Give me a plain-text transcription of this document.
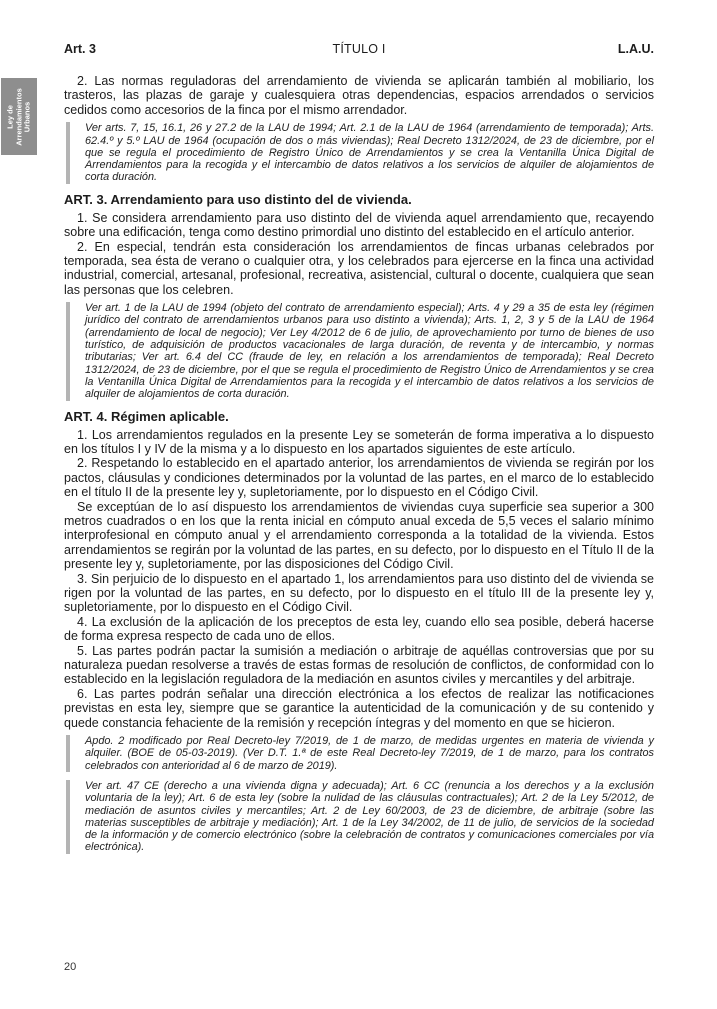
Art. 3	TÍTULO I	L.A.U.
Ley de Arrendamientos Urbanos

2. Las normas reguladoras del arrendamiento de vivienda se aplicarán también al mobiliario, los trasteros, las plazas de garaje y cualesquiera otras dependencias, espacios arrendados o servicios cedidos como accesorios de la finca por el mismo arrendador.

Ver arts. 7, 15, 16.1, 26 y 27.2 de la LAU de 1994; Art. 2.1 de la LAU de 1964 (arrendamiento de temporada); Arts. 62.4.º y 5.º LAU de 1964 (ocupación de dos o más viviendas); Real Decreto 1312/2024, de 23 de diciembre, por el que se regula el procedimiento de Registro Único de Arrendamientos y se crea la Ventanilla Única Digital de Arrendamientos para la recogida y el intercambio de datos relativos a los servicios de alquiler de alojamientos de corta duración.
ART. 3. Arrendamiento para uso distinto del de vivienda.

1. Se considera arrendamiento para uso distinto del de vivienda aquel arrendamiento que, recayendo sobre una edificación, tenga como destino primordial uno distinto del establecido en el artículo anterior.

2. En especial, tendrán esta consideración los arrendamientos de fincas urbanas celebrados por temporada, sea ésta de verano o cualquier otra, y los celebrados para ejercerse en la finca una actividad industrial, comercial, artesanal, profesional, recreativa, asistencial, cultural o docente, cualquiera que sean las personas que los celebren.

Ver art. 1 de la LAU de 1994 (objeto del contrato de arrendamiento especial); Arts. 4 y 29 a 35 de esta ley (régimen jurídico del contrato de arrendamientos urbanos para uso distinto a vivienda); Arts. 1, 2, 3 y 5 de la LAU de 1964 (arrendamiento de local de negocio); Ver Ley 4/2012 de 6 de julio, de aprovechamiento por turno de bienes de uso turístico, de adquisición de productos vacacionales de larga duración, de reventa y de intercambio, y normas tributarias; Ver art. 6.4 del CC (fraude de ley, en relación a los arrendamientos de temporada); Real Decreto 1312/2024, de 23 de diciembre, por el que se regula el procedimiento de Registro Único de Arrendamientos y se crea la Ventanilla Única Digital de Arrendamientos para la recogida y el intercambio de datos relativos a los servicios de alquiler de alojamientos de corta duración.
ART. 4. Régimen aplicable.

1. Los arrendamientos regulados en la presente Ley se someterán de forma imperativa a lo dispuesto en los títulos I y IV de la misma y a lo dispuesto en los apartados siguientes de este artículo.

2. Respetando lo establecido en el apartado anterior, los arrendamientos de vivienda se regirán por los pactos, cláusulas y condiciones determinados por la voluntad de las partes, en el marco de lo establecido en el título II de la presente ley y, supletoriamente, por lo dispuesto en el Código Civil.

Se exceptúan de lo así dispuesto los arrendamientos de viviendas cuya superficie sea superior a 300 metros cuadrados o en los que la renta inicial en cómputo anual exceda de 5,5 veces el salario mínimo interprofesional en cómputo anual y el arrendamiento corresponda a la totalidad de la vivienda. Estos arrendamientos se regirán por la voluntad de las partes, en su defecto, por lo dispuesto en el Título II de la presente ley y, supletoriamente, por las disposiciones del Código Civil.

3. Sin perjuicio de lo dispuesto en el apartado 1, los arrendamientos para uso distinto del de vivienda se rigen por la voluntad de las partes, en su defecto, por lo dispuesto en el título III de la presente ley y, supletoriamente, por lo dispuesto en el Código Civil.

4. La exclusión de la aplicación de los preceptos de esta ley, cuando ello sea posible, deberá hacerse de forma expresa respecto de cada uno de ellos.

5. Las partes podrán pactar la sumisión a mediación o arbitraje de aquéllas controversias que por su naturaleza puedan resolverse a través de estas formas de resolución de conflictos, de conformidad con lo establecido en la legislación reguladora de la mediación en asuntos civiles y mercantiles y del arbitraje.

6. Las partes podrán señalar una dirección electrónica a los efectos de realizar las notificaciones previstas en esta ley, siempre que se garantice la autenticidad de la comunicación y de su contenido y quede constancia fehaciente de la remisión y recepción íntegras y del momento en que se hicieron.

Apdo. 2 modificado por Real Decreto-ley 7/2019, de 1 de marzo, de medidas urgentes en materia de vivienda y alquiler. (BOE de 05-03-2019). (Ver D.T. 1.ª de este Real Decreto-ley 7/2019, de 1 de marzo, para los contratos celebrados con anterioridad al 6 de marzo de 2019).
Ver art. 47 CE (derecho a una vivienda digna y adecuada); Art. 6 CC (renuncia a los derechos y a la exclusión voluntaria de la ley); Art. 6 de esta ley (sobre la nulidad de las cláusulas contractuales); Art. 2 de la Ley 5/2012, de mediación de asuntos civiles y mercantiles; Art. 2 de Ley 60/2003, de 23 de diciembre, de arbitraje (sobre las materias susceptibles de arbitraje y mediación); Art. 1 de la Ley 34/2002, de 11 de julio, de servicios de la sociedad de la información y de comercio electrónico (sobre la celebración de contratos y comunicaciones comerciales por vía electrónica).
20
